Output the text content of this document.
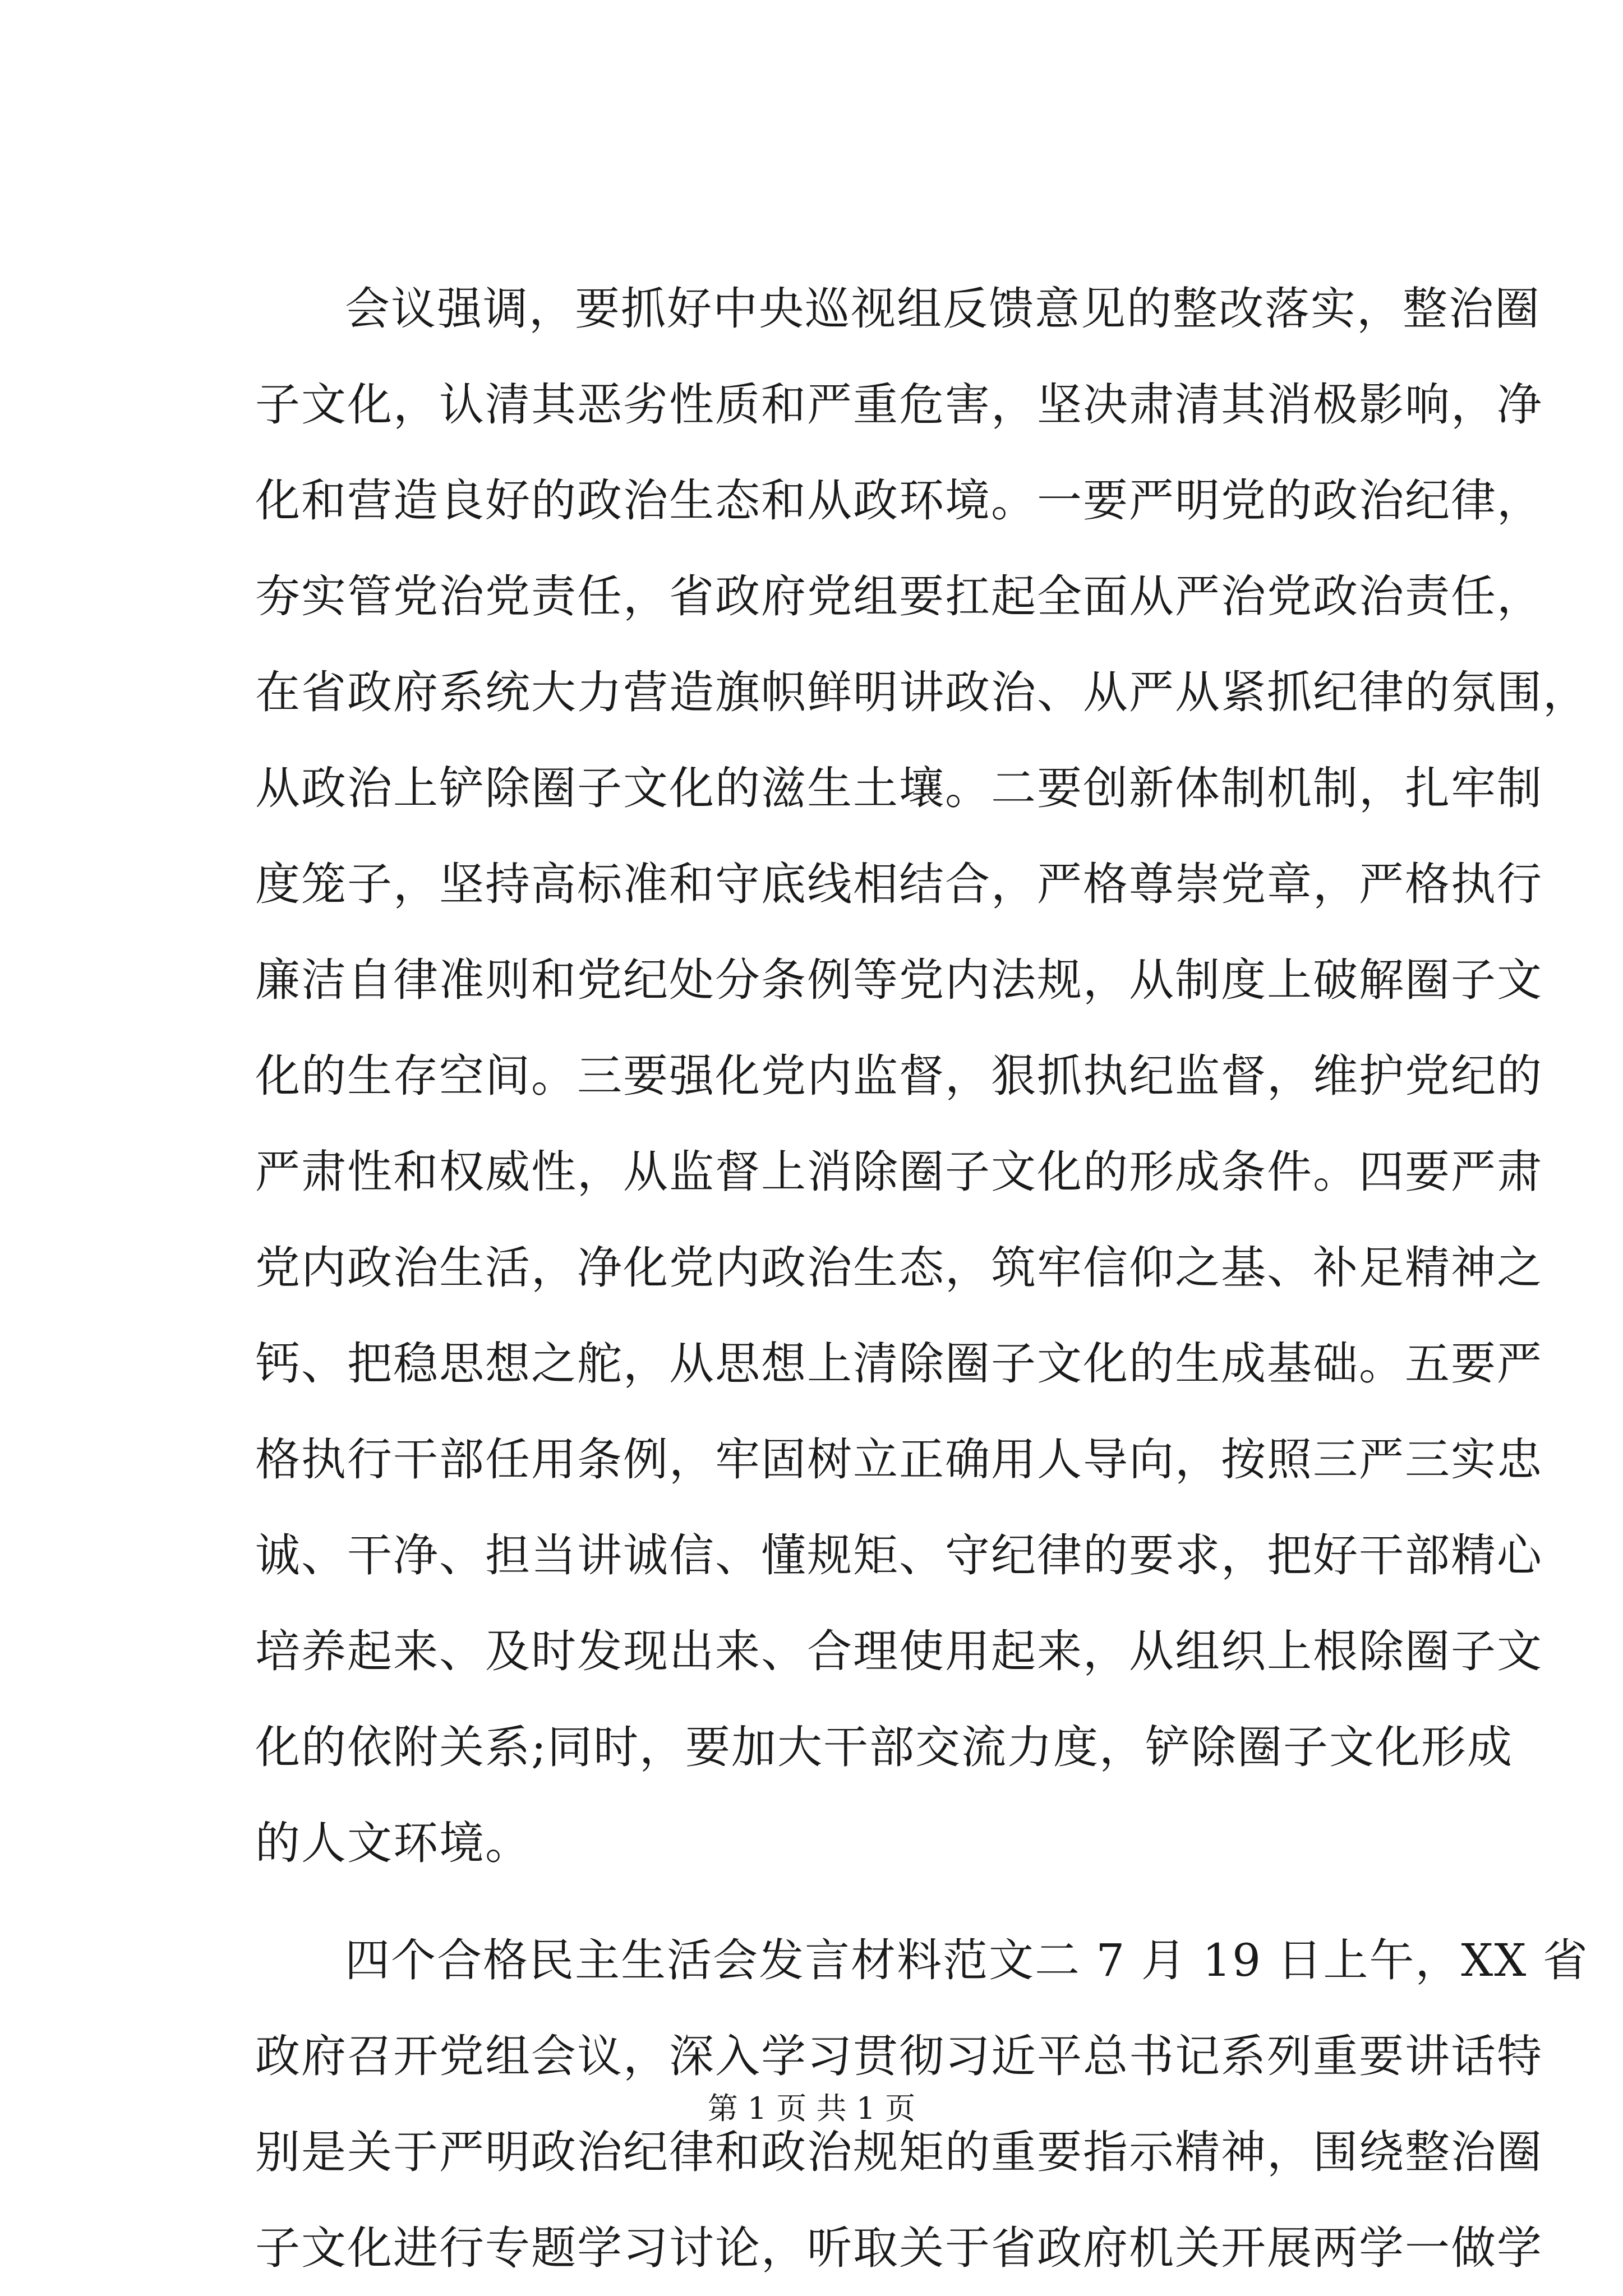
会议强调，要抓好中央巡视组反馈意见的整改落实，整治圈
子文化，认清其恶劣性质和严重危害，坚决肃清其消极影响，净
化和营造良好的政治生态和从政环境。一要严明党的政治纪律，
夯实管党治党责任，省政府党组要扛起全面从严治党政治责任，
在省政府系统大力营造旗帜鲜明讲政治、从严从紧抓纪律的氛围，
从政治上铲除圈子文化的滋生土壤。二要创新体制机制，扎牢制
度笼子，坚持高标准和守底线相结合，严格尊崇党章，严格执行
廉洁自律准则和党纪处分条例等党内法规，从制度上破解圈子文
化的生存空间。三要强化党内监督，狠抓执纪监督，维护党纪的
严肃性和权威性，从监督上消除圈子文化的形成条件。四要严肃
党内政治生活，净化党内政治生态，筑牢信仰之基、补足精神之
钙、把稳思想之舵，从思想上清除圈子文化的生成基础。五要严
格执行干部任用条例，牢固树立正确用人导向，按照三严三实忠
诚、干净、担当讲诚信、懂规矩、守纪律的要求，把好干部精心
培养起来、及时发现出来、合理使用起来，从组织上根除圈子文
化的依附关系;同时，要加大干部交流力度，铲除圈子文化形成
的人文环境。
四个合格民主生活会发言材料范文二 7 月 19 日上午，XX 省
政府召开党组会议，深入学习贯彻习近平总书记系列重要讲话特
别是关于严明政治纪律和政治规矩的重要指示精神，围绕整治圈
子文化进行专题学习讨论，听取关于省政府机关开展两学一做学
第 1 页 共 1 页
